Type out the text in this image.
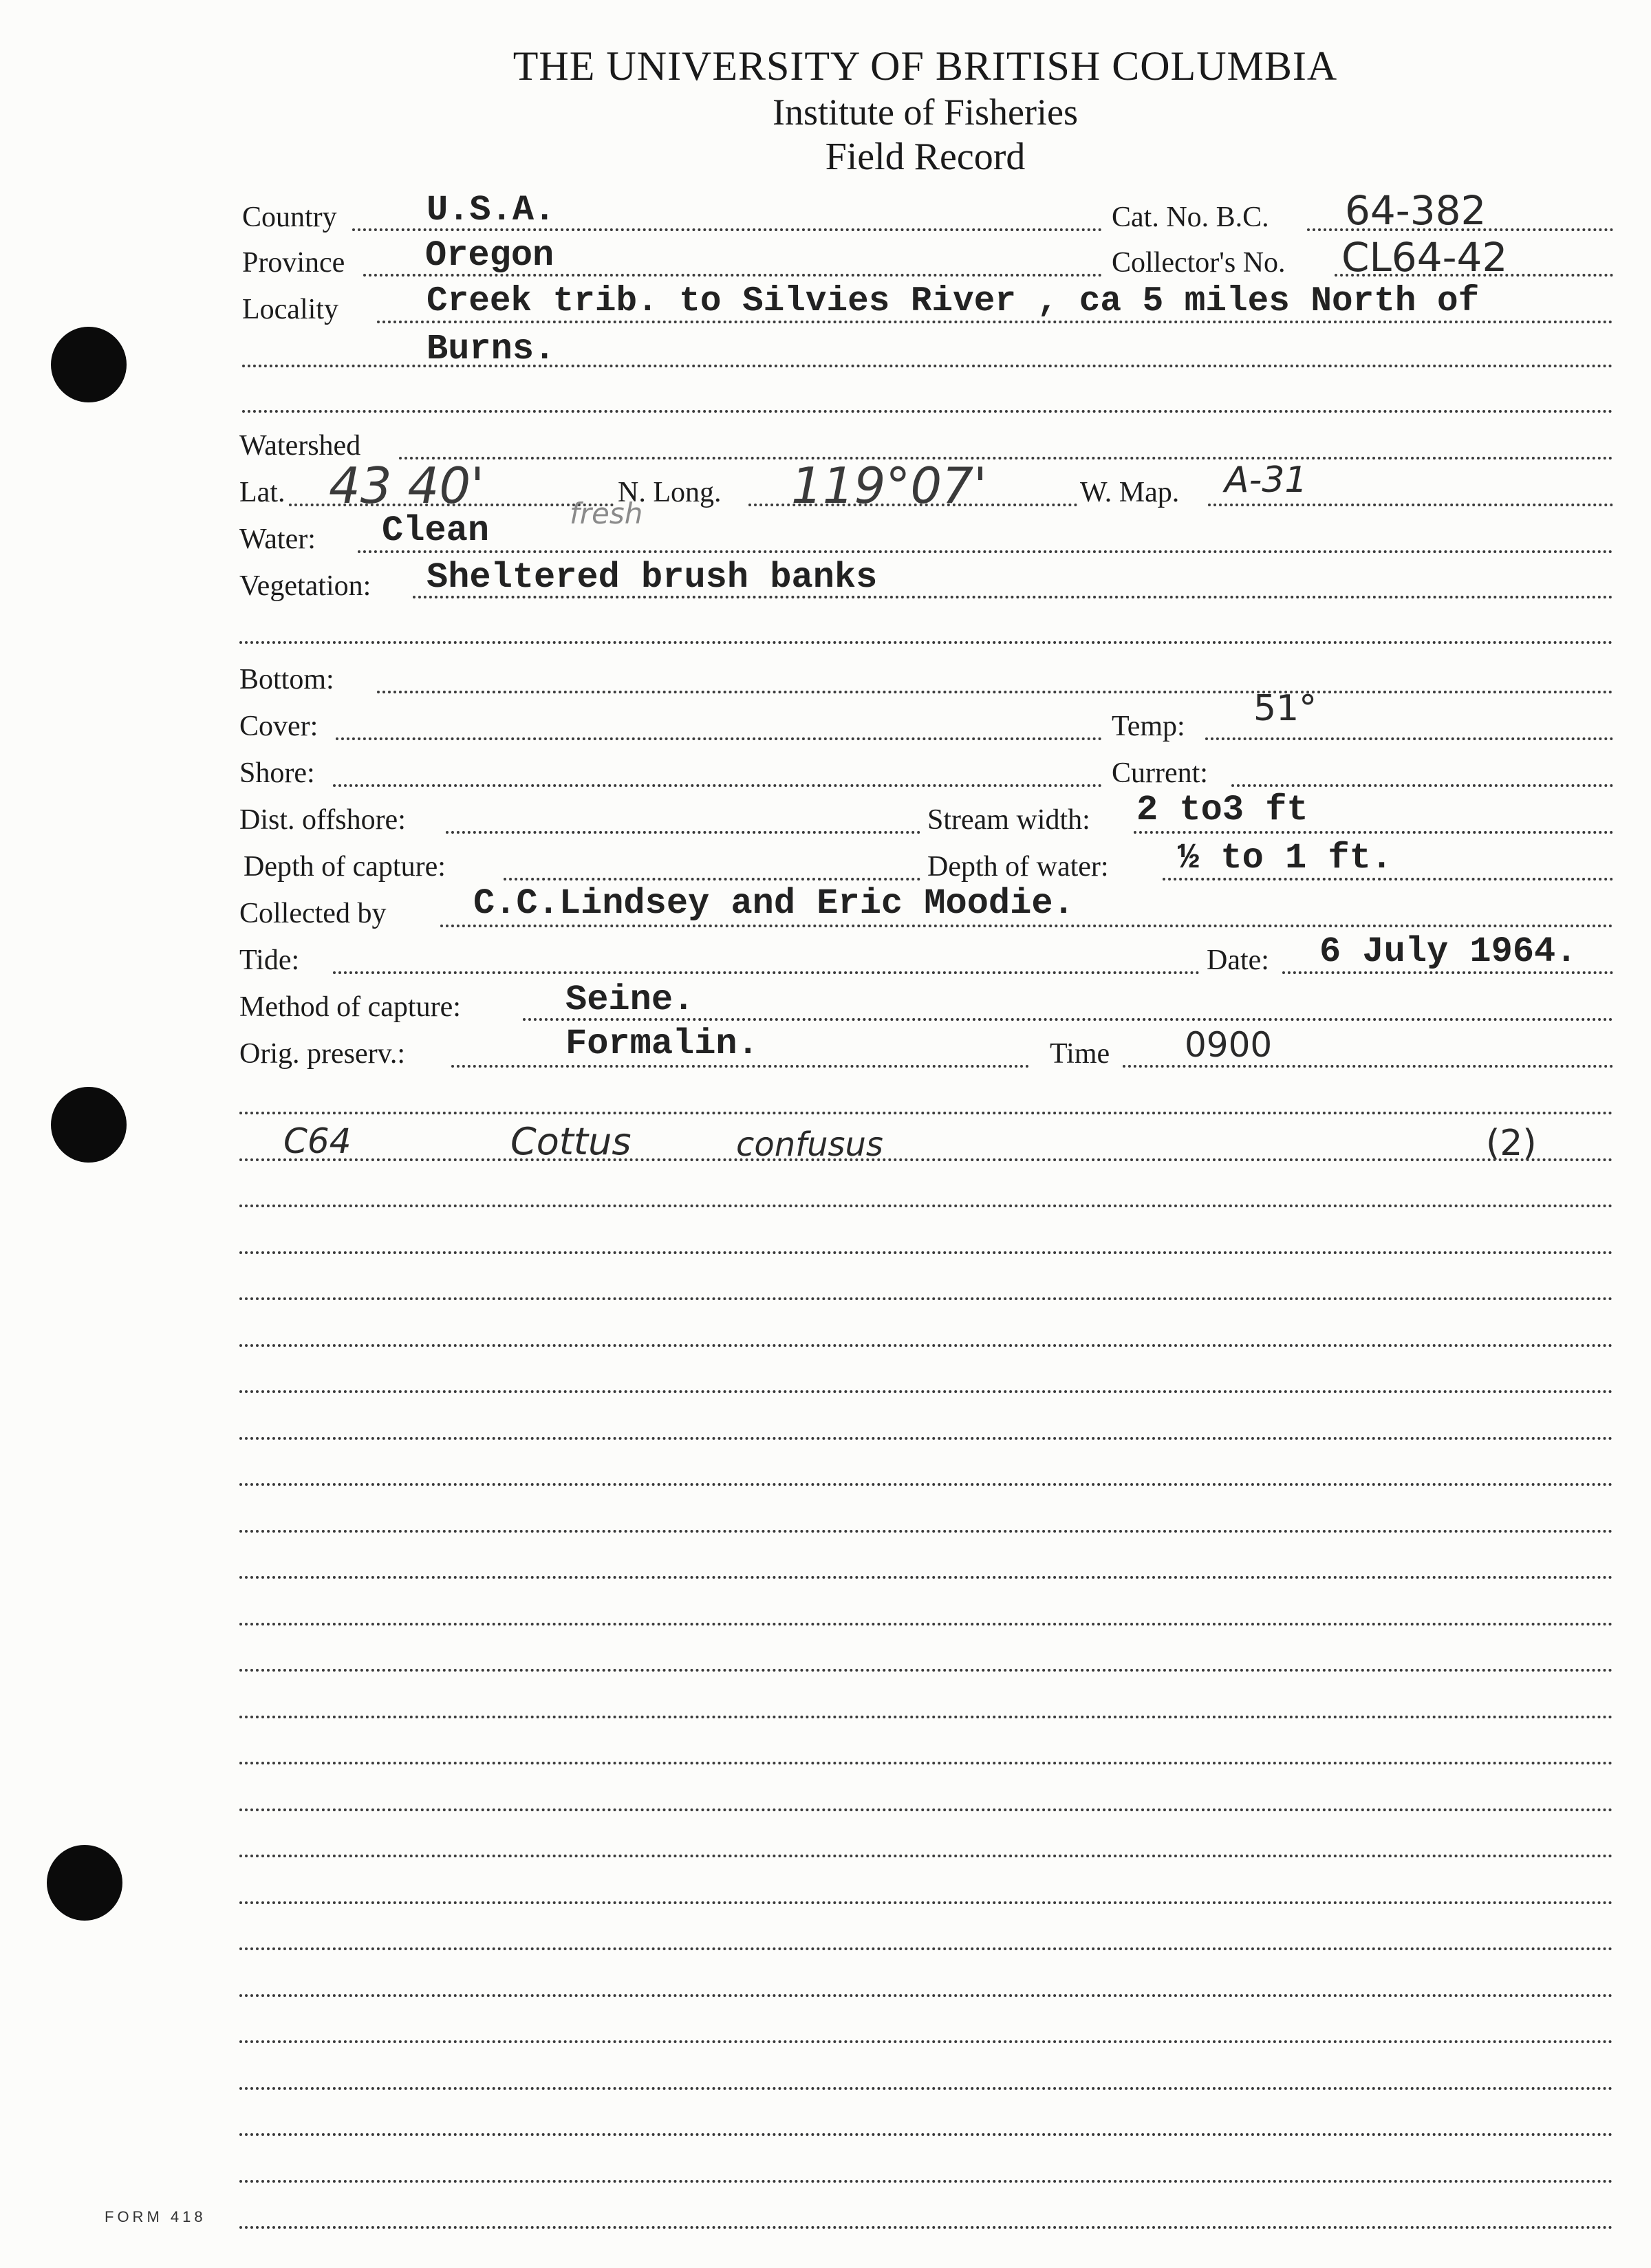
THE UNIVERSITY OF BRITISH COLUMBIA
Institute of Fisheries
Field Record
Country	U.S.A.	Cat. No. B.C. 64-382
Province Oregon	Collector's No. CL64-42
Locality	Creek trib. to Silvies River , ca 5 miles North of
Burns.
Watershed
Lat. 43 40'	N. Long. 119°07'	W. Map. A-31
Water: Clean	fresh
Vegetation: Sheltered brush banks
Bottom:
Cover:	Temp: 51°
Shore:	Current:
Dist. offshore:	Stream width: 2 to3 ft
Depth of capture:	Depth of water: ½ to 1 ft.
Collected by C.C.Lindsey and Eric Moodie.
Tide:	Date: 6 July 1964.
Method of capture:	Seine.
Orig. preserv.:	Formalin.	Time 0900
C64	Cottus	confusus	(2)
FORM 418
